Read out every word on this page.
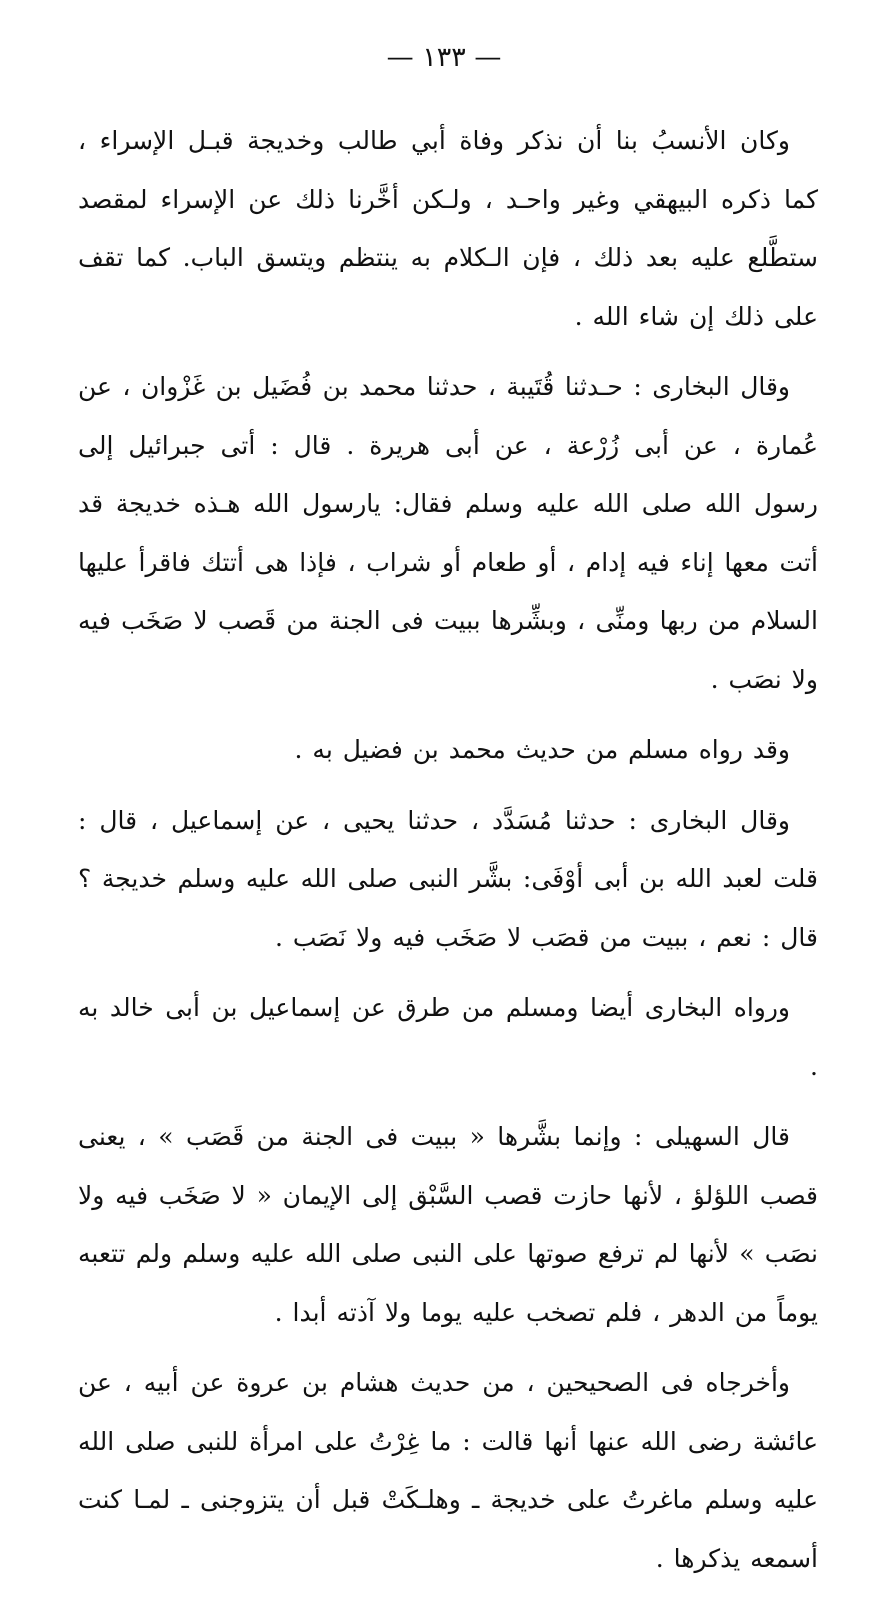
— ١٣٣ —

وكان الأنسبُ بنا أن نذكر وفاة أبي طالب وخديجة قبـل الإسراء ، كما ذكره البيهقي وغير واحـد ، ولـكن أخَّرنا ذلك عن الإسراء لمقصد ستطَّلع عليه بعد ذلك ، فإن الـكلام به ينتظم ويتسق الباب. كما تقف على ذلك إن شاء الله .

وقال البخارى : حـدثنا قُتَيبة ، حدثنا محمد بن فُضَيل بن غَزْوان ، عن عُمارة ، عن أبى زُرْعة ، عن أبى هريرة . قال : أتى جبرائيل إلى رسول الله صلى الله عليه وسلم فقال: يارسول الله هـذه خديجة قد أتت معها إناء فيه إدام ، أو طعام أو شراب ، فإذا هى أتتك فاقرأ عليها السلام من ربها ومنِّى ، وبشِّرها ببيت فى الجنة من قَصب لا صَخَب فيه ولا نصَب .

وقد رواه مسلم من حديث محمد بن فضيل به .

وقال البخارى : حدثنا مُسَدَّد ، حدثنا يحيى ، عن إسماعيل ، قال : قلت لعبد الله بن أبى أوْفَى: بشَّر النبى صلى الله عليه وسلم خديجة ؟ قال : نعم ، ببيت من قصَب لا صَخَب فيه ولا نَصَب .

ورواه البخارى أيضا ومسلم من طرق عن إسماعيل بن أبى خالد به .

قال السهيلى : وإنما بشَّرها « ببيت فى الجنة من قَصَب » ، يعنى قصب اللؤلؤ ، لأنها حازت قصب السَّبْق إلى الإيمان « لا صَخَب فيه ولا نصَب » لأنها لم ترفع صوتها على النبى صلى الله عليه وسلم ولم تتعبه يوماً من الدهر ، فلم تصخب عليه يوما ولا آذته أبدا .

وأخرجاه فى الصحيحين ، من حديث هشام بن عروة عن أبيه ، عن عائشة رضى الله عنها أنها قالت : ما غِرْتُ على امرأة للنبى صلى الله عليه وسلم ماغرتُ على خديجة ـ وهلـكَتْ قبل أن يتزوجنى ـ لمـا كنت أسمعه يذكرها .
